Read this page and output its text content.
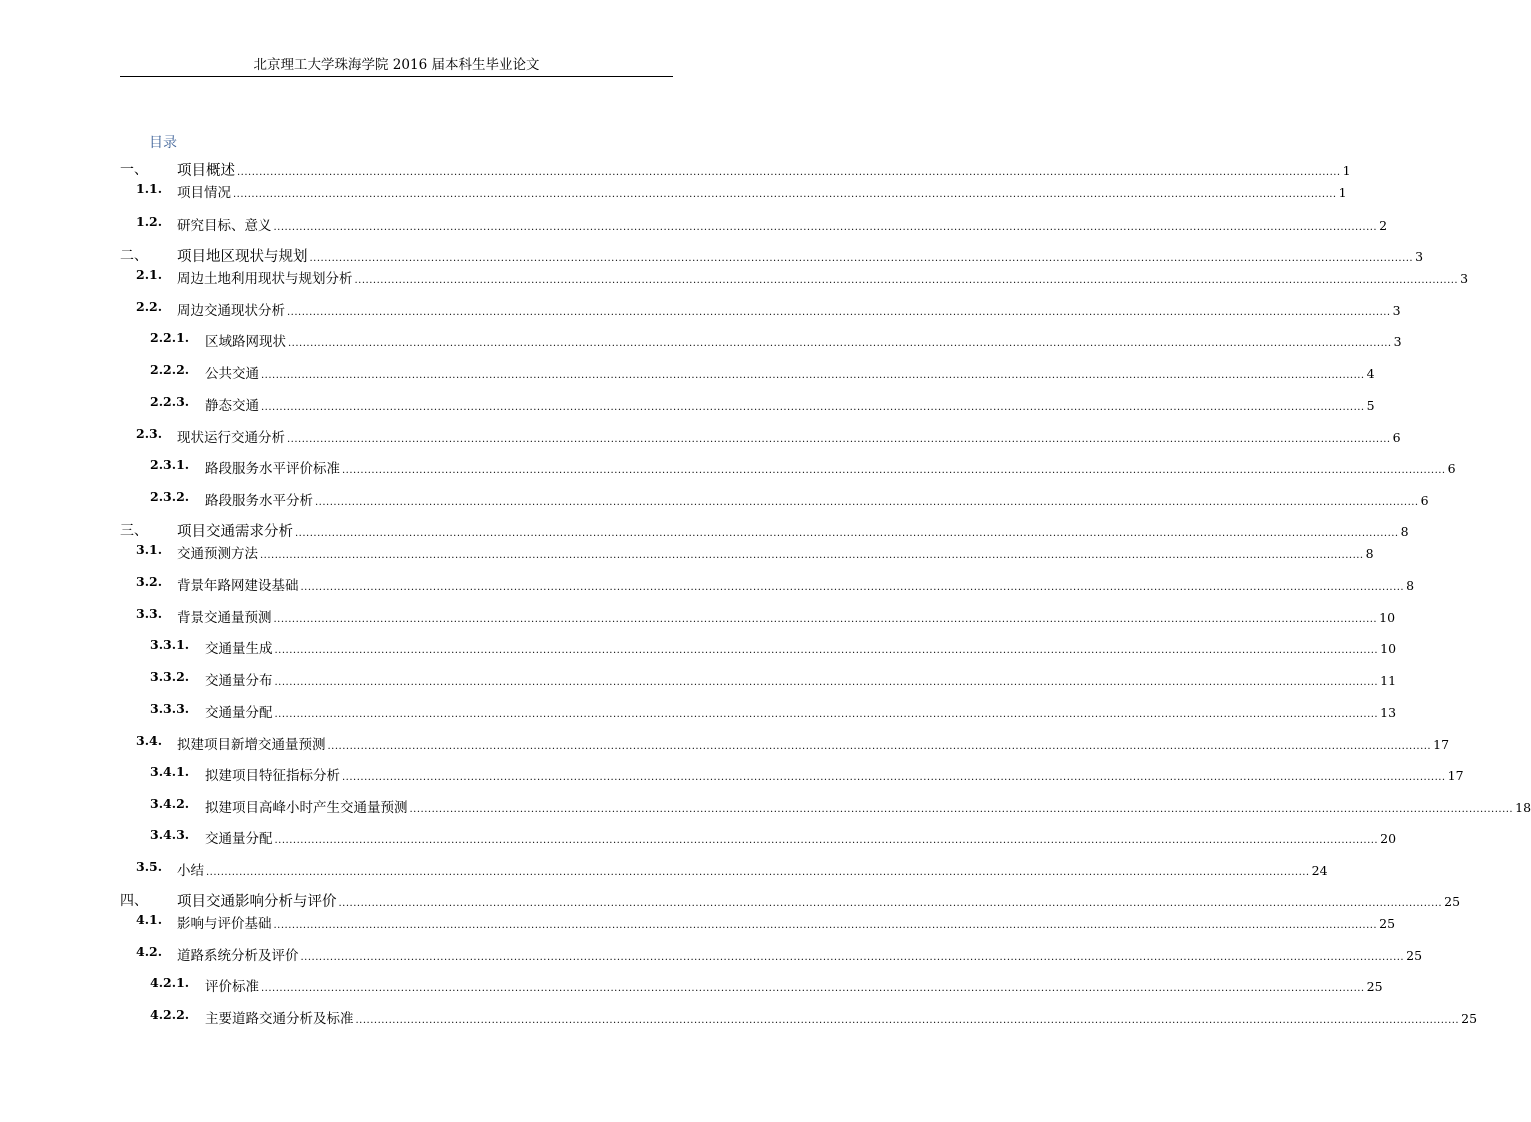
北京理工大学珠海学院 2016 届本科生毕业论文
目录
一、 项目概述 ............................................................................................................................................................................................................................................................................................................ 1
1.1. 项目情况 ............................................................................................................................................................................................................................................................................................................ 1
1.2. 研究目标、意义 ............................................................................................................................................................................................................................................................................................................ 2
二、 项目地区现状与规划 ............................................................................................................................................................................................................................................................................................................ 3
2.1. 周边土地利用现状与规划分析 ............................................................................................................................................................................................................................................................................................................ 3
2.2. 周边交通现状分析 ............................................................................................................................................................................................................................................................................................................ 3
2.2.1. 区域路网现状 ............................................................................................................................................................................................................................................................................................................ 3
2.2.2. 公共交通 ............................................................................................................................................................................................................................................................................................................ 4
2.2.3. 静态交通 ............................................................................................................................................................................................................................................................................................................ 5
2.3. 现状运行交通分析 ............................................................................................................................................................................................................................................................................................................ 6
2.3.1. 路段服务水平评价标准 ............................................................................................................................................................................................................................................................................................................ 6
2.3.2. 路段服务水平分析 ............................................................................................................................................................................................................................................................................................................ 6
三、 项目交通需求分析 ............................................................................................................................................................................................................................................................................................................ 8
3.1. 交通预测方法 ............................................................................................................................................................................................................................................................................................................ 8
3.2. 背景年路网建设基础 ............................................................................................................................................................................................................................................................................................................ 8
3.3. 背景交通量预测 ............................................................................................................................................................................................................................................................................................................ 10
3.3.1. 交通量生成 ............................................................................................................................................................................................................................................................................................................ 10
3.3.2. 交通量分布 ............................................................................................................................................................................................................................................................................................................ 11
3.3.3. 交通量分配 ............................................................................................................................................................................................................................................................................................................ 13
3.4. 拟建项目新增交通量预测 ............................................................................................................................................................................................................................................................................................................ 17
3.4.1. 拟建项目特征指标分析 ............................................................................................................................................................................................................................................................................................................ 17
3.4.2. 拟建项目高峰小时产生交通量预测 ............................................................................................................................................................................................................................................................................................................ 18
3.4.3. 交通量分配 ............................................................................................................................................................................................................................................................................................................ 20
3.5. 小结 ............................................................................................................................................................................................................................................................................................................ 24
四、 项目交通影响分析与评价 ............................................................................................................................................................................................................................................................................................................ 25
4.1. 影响与评价基础 ............................................................................................................................................................................................................................................................................................................ 25
4.2. 道路系统分析及评价 ............................................................................................................................................................................................................................................................................................................ 25
4.2.1. 评价标准 ............................................................................................................................................................................................................................................................................................................ 25
4.2.2. 主要道路交通分析及标准 ............................................................................................................................................................................................................................................................................................................ 25
